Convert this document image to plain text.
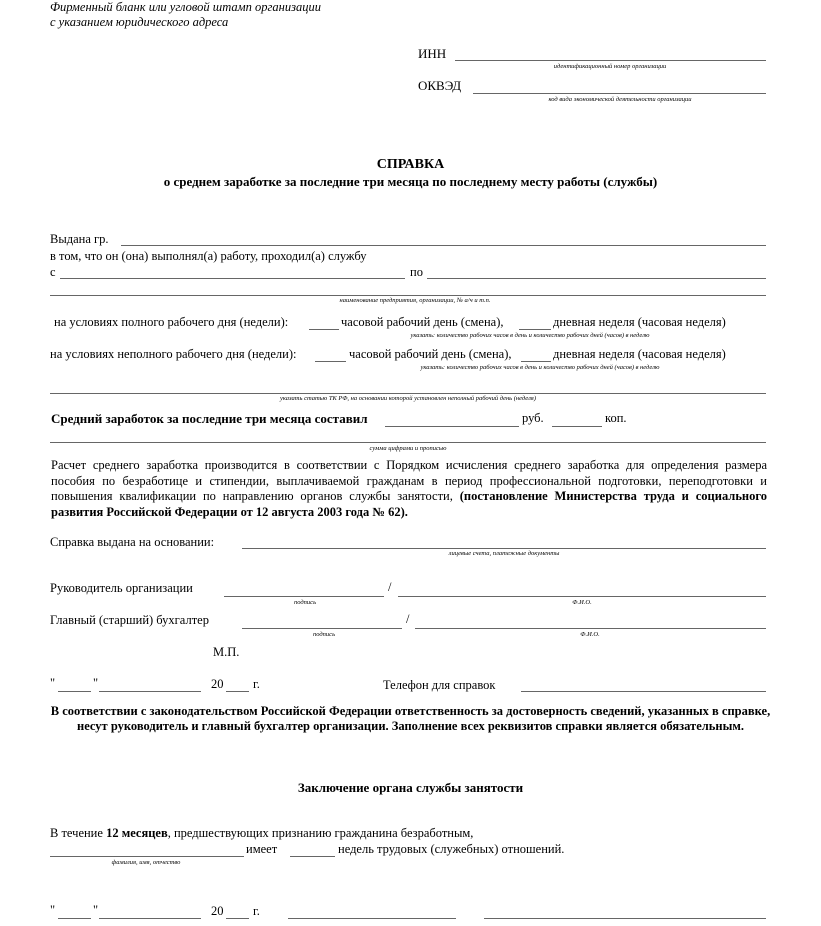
Фирменный бланк или угловой штамп организации
с указанием юридического адреса
ИНН
идентификационный номер организации
ОКВЭД
код вида экономической деятельности организации
СПРАВКА
о среднем заработке за последние три месяца по последнему месту работы (службы)
Выдана гр.
в том, что он (она) выполнял(а) работу, проходил(а) службу
с	по
наименование предприятия, организации, № а/ч и т.п.
на условиях полного рабочего дня (недели):	часовой рабочий день (смена),	дневная неделя (часовая неделя)
указать: количество рабочих часов в день и количество рабочих дней (часов) в неделю
на условиях неполного рабочего дня (недели):	часовой рабочий день (смена),	дневная неделя (часовая неделя)
указать: количество рабочих часов в день и количество рабочих дней (часов) в неделю
указать статью ТК РФ, на основании которой установлен неполный рабочий день (неделя)
Средний заработок за последние три месяца составил	руб.	коп.
сумма цифрами и прописью
Расчет среднего заработка производится в соответствии с Порядком исчисления среднего заработка для определения размера пособия по безработице и стипендии, выплачиваемой гражданам в период профессиональной подготовки, переподготовки и повышения квалификации по направлению органов службы занятости, (постановление Министерства труда и социального развития Российской Федерации от 12 августа 2003 года № 62).
Справка выдана на основании:
лицевые счета, платежные документы
Руководитель организации	/
подпись	Ф.И.О.
Главный (старший) бухгалтер	/
подпись	Ф.И.О.
М.П.
"	"	20 г.	Телефон для справок
В соответствии с законодательством Российской Федерации ответственность за достоверность сведений, указанных в справке, несут руководитель и главный бухгалтер организации. Заполнение всех реквизитов справки является обязательным.
Заключение органа службы занятости
В течение 12 месяцев, предшествующих признанию гражданина безработным,
имеет	недель трудовых (служебных) отношений.
фамилия, имя, отчество
"	"	20 г.
